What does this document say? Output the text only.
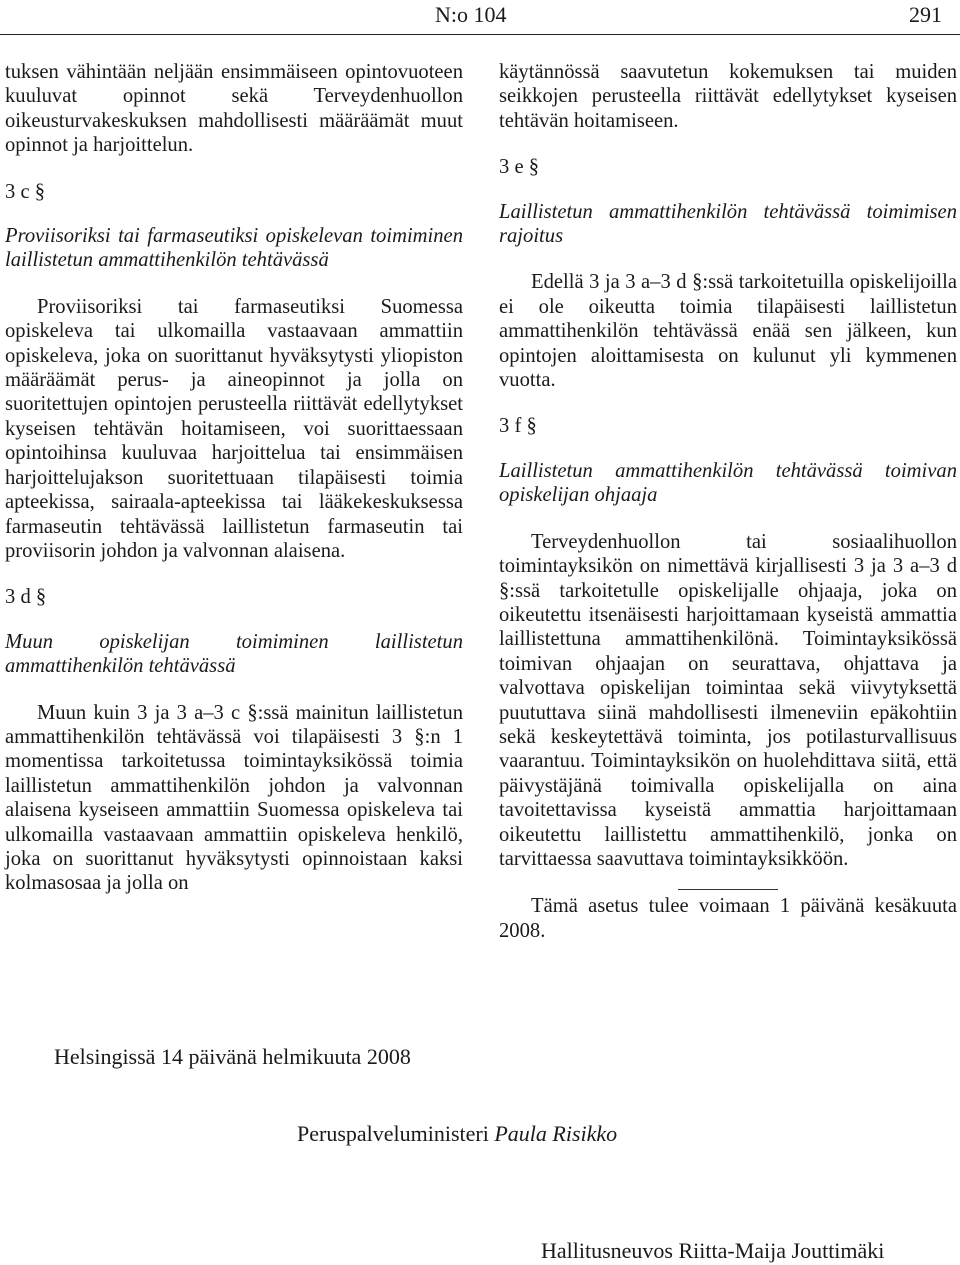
N:o 104	291

tuksen vähintään neljään ensimmäiseen opintovuoteen kuuluvat opinnot sekä Terveydenhuollon oikeusturvakeskuksen mahdollisesti määräämät muut opinnot ja harjoittelun.

3 c §

Proviisoriksi tai farmaseutiksi opiskelevan toimiminen laillistetun ammattihenkilön tehtävässä

Proviisoriksi tai farmaseutiksi Suomessa opiskeleva tai ulkomailla vastaavaan ammattiin opiskeleva, joka on suorittanut hyväksytysti yliopiston määräämät perus- ja aineopinnot ja jolla on suoritettujen opintojen perusteella riittävät edellytykset kyseisen tehtävän hoitamiseen, voi suorittaessaan opintoihinsa kuuluvaa harjoittelua tai ensimmäisen harjoittelujakson suoritettuaan tilapäisesti toimia apteekissa, sairaala-apteekissa tai lääkekeskuksessa farmaseutin tehtävässä laillistetun farmaseutin tai proviisorin johdon ja valvonnan alaisena.

3 d §

Muun opiskelijan toimiminen laillistetun ammattihenkilön tehtävässä

Muun kuin 3 ja 3 a–3 c §:ssä mainitun laillistetun ammattihenkilön tehtävässä voi tilapäisesti 3 §:n 1 momentissa tarkoitetussa toimintayksikössä toimia laillistetun ammattihenkilön johdon ja valvonnan alaisena kyseiseen ammattiin Suomessa opiskeleva tai ulkomailla vastaavaan ammattiin opiskeleva henkilö, joka on suorittanut hyväksytysti opinnoistaan kaksi kolmasosaa ja jolla on

käytännössä saavutetun kokemuksen tai muiden seikkojen perusteella riittävät edellytykset kyseisen tehtävän hoitamiseen.

3 e §

Laillistetun ammattihenkilön tehtävässä toimimisen rajoitus

Edellä 3 ja 3 a–3 d §:ssä tarkoitetuilla opiskelijoilla ei ole oikeutta toimia tilapäisesti laillistetun ammattihenkilön tehtävässä enää sen jälkeen, kun opintojen aloittamisesta on kulunut yli kymmenen vuotta.

3 f §

Laillistetun ammattihenkilön tehtävässä toimivan opiskelijan ohjaaja

Terveydenhuollon tai sosiaalihuollon toimintayksikön on nimettävä kirjallisesti 3 ja 3 a–3 d §:ssä tarkoitetulle opiskelijalle ohjaaja, joka on oikeutettu itsenäisesti harjoittamaan kyseistä ammattia laillistettuna ammattihenkilönä. Toimintayksikössä toimivan ohjaajan on seurattava, ohjattava ja valvottava opiskelijan toimintaa sekä viivytyksettä puututtava siinä mahdollisesti ilmeneviin epäkohtiin sekä keskeytettävä toiminta, jos potilasturvallisuus vaarantuu. Toimintayksikön on huolehdittava siitä, että päivystäjänä toimivalla opiskelijalla on aina tavoitettavissa kyseistä ammattia harjoittamaan oikeutettu laillistettu ammattihenkilö, jonka on tarvittaessa saavuttava toimintayksikköön.

Tämä asetus tulee voimaan 1 päivänä kesäkuuta 2008.

Helsingissä 14 päivänä helmikuuta 2008
Peruspalveluministeri Paula Risikko
Hallitusneuvos Riitta-Maija Jouttimäki
